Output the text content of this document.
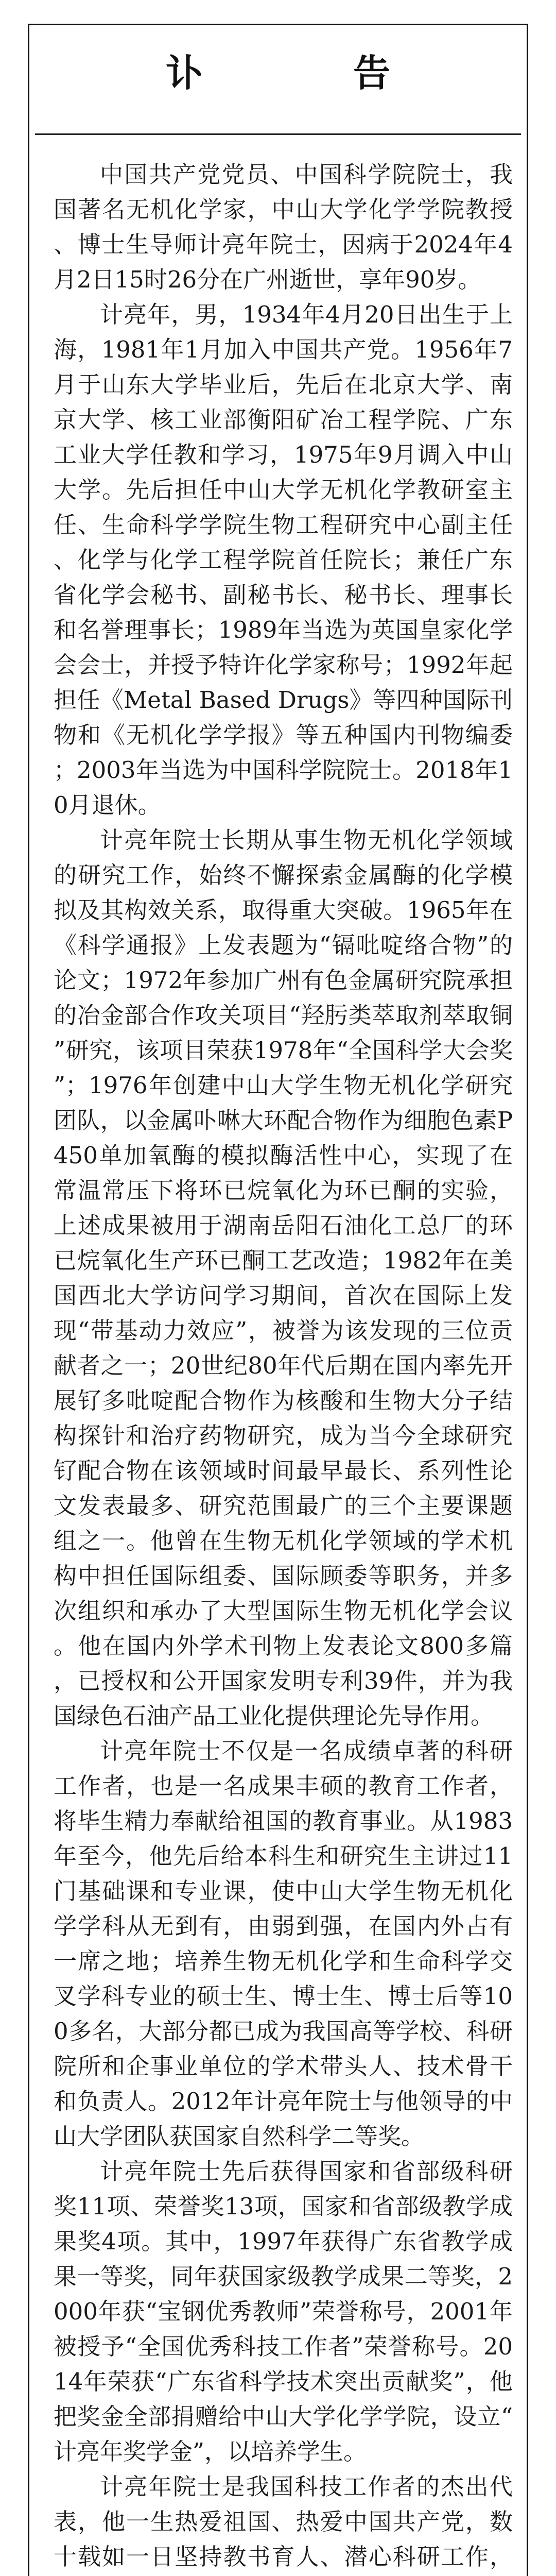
讣　告

中国共产党党员、中国科学院院士，我国著名无机化学家，中山大学化学学院教授、博士生导师计亮年院士，因病于2024年4月2日15时26分在广州逝世，享年90岁。

计亮年，男，1934年4月20日出生于上海，1981年1月加入中国共产党。1956年7月于山东大学毕业后，先后在北京大学、南京大学、核工业部衡阳矿冶工程学院、广东工业大学任教和学习，1975年9月调入中山大学。先后担任中山大学无机化学教研室主任、生命科学学院生物工程研究中心副主任、化学与化学工程学院首任院长；兼任广东省化学会秘书、副秘书长、秘书长、理事长和名誉理事长；1989年当选为英国皇家化学会会士，并授予特许化学家称号；1992年起担任《Metal Based Drugs》等四种国际刊物和《无机化学学报》等五种国内刊物编委；2003年当选为中国科学院院士。2018年10月退休。

计亮年院士长期从事生物无机化学领域的研究工作，始终不懈探索金属酶的化学模拟及其构效关系，取得重大突破。1965年在《科学通报》上发表题为“镉吡啶络合物”的论文；1972年参加广州有色金属研究院承担的冶金部合作攻关项目“羟肟类萃取剂萃取铜”研究，该项目荣获1978年“全国科学大会奖”；1976年创建中山大学生物无机化学研究团队，以金属卟啉大环配合物作为细胞色素P450单加氧酶的模拟酶活性中心，实现了在常温常压下将环已烷氧化为环已酮的实验，上述成果被用于湖南岳阳石油化工总厂的环已烷氧化生产环已酮工艺改造；1982年在美国西北大学访问学习期间，首次在国际上发现“带基动力效应”，被誉为该发现的三位贡献者之一；20世纪80年代后期在国内率先开展钌多吡啶配合物作为核酸和生物大分子结构探针和治疗药物研究，成为当今全球研究钌配合物在该领域时间最早最长、系列性论文发表最多、研究范围最广的三个主要课题组之一。他曾在生物无机化学领域的学术机构中担任国际组委、国际顾委等职务，并多次组织和承办了大型国际生物无机化学会议。他在国内外学术刊物上发表论文800多篇，已授权和公开国家发明专利39件，并为我国绿色石油产品工业化提供理论先导作用。

计亮年院士不仅是一名成绩卓著的科研工作者，也是一名成果丰硕的教育工作者，将毕生精力奉献给祖国的教育事业。从1983年至今，他先后给本科生和研究生主讲过11门基础课和专业课，使中山大学生物无机化学学科从无到有，由弱到强，在国内外占有一席之地；培养生物无机化学和生命科学交叉学科专业的硕士生、博士生、博士后等100多名，大部分都已成为我国高等学校、科研院所和企事业单位的学术带头人、技术骨干和负责人。2012年计亮年院士与他领导的中山大学团队获国家自然科学二等奖。

计亮年院士先后获得国家和省部级科研奖11项、荣誉奖13项，国家和省部级教学成果奖4项。其中，1997年获得广东省教学成果一等奖，同年获国家级教学成果二等奖，2000年获“宝钢优秀教师”荣誉称号，2001年被授予“全国优秀科技工作者”荣誉称号。2014年荣获“广东省科学技术突出贡献奖”，他把奖金全部捐赠给中山大学化学学院，设立“计亮年奖学金”，以培养学生。

计亮年院士是我国科技工作者的杰出代表，他一生热爱祖国、热爱中国共产党，数十载如一日坚持教书育人、潜心科研工作，
